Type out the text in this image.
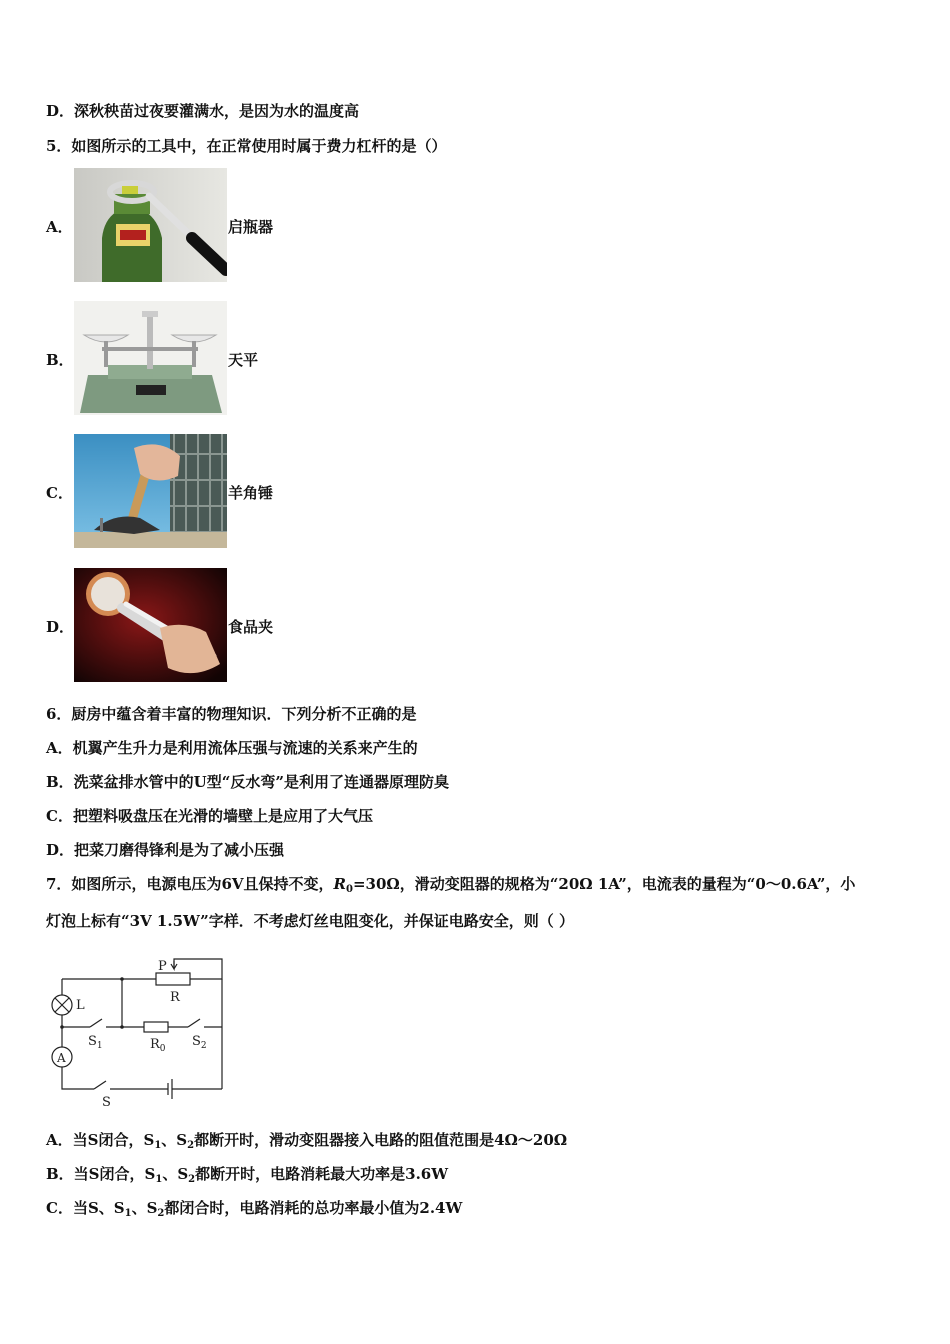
D．深秋秧苗过夜要灌满水，是因为水的温度高
5．如图所示的工具中，在正常使用时属于费力杠杆的是（）
A．	启瓶器
B．	天平
C．	羊角锤
D．	食品夹
6．厨房中蕴含着丰富的物理知识．下列分析不正确的是
A．机翼产生升力是利用流体压强与流速的关系来产生的
B．洗菜盆排水管中的U型“反水弯”是利用了连通器原理防臭
C．把塑料吸盘压在光滑的墙壁上是应用了大气压
D．把菜刀磨得锋利是为了减小压强
7．如图所示，电源电压为6V且保持不变，$R_0=30\Omega$，滑动变阻器的规格为“20Ω 1A”，电流表的量程为“0～0.6A”，小
灯泡上标有“3V 1.5W”字样．不考虑灯丝电阻变化，并保证电路安全，则（ ）
P
R
L
A
$S_1$	$R_0$ $S_2$
S
A．当S闭合，$S_1$、$S_2$都断开时，滑动变阻器接入电路的阻值范围是4Ω～20Ω
B．当S闭合，$S_1$、$S_2$都断开时，电路消耗最大功率是3.6W
C．当S、$S_1$、$S_2$都闭合时，电路消耗的总功率最小值为2.4W
